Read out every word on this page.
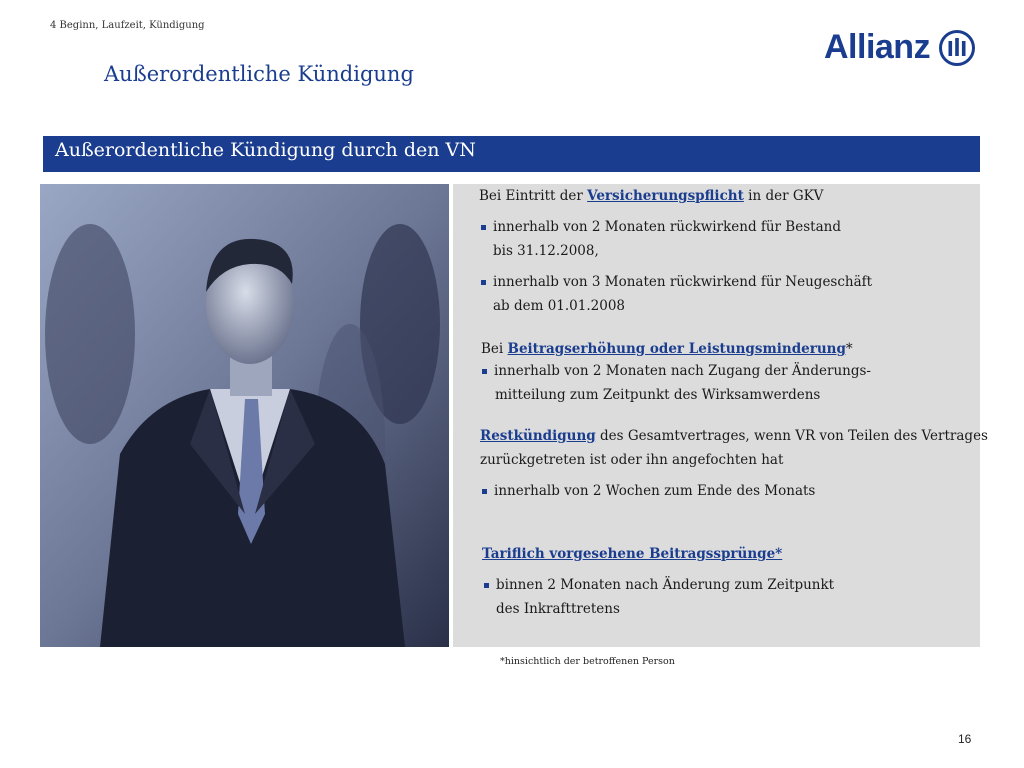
4 Beginn, Laufzeit, Kündigung
Außerordentliche Kündigung
Allianz
Außerordentliche Kündigung durch den VN
Bei Eintritt der Versicherungspflicht in der GKV
innerhalb von 2 Monaten rückwirkend für Bestand
bis 31.12.2008,
innerhalb von 3 Monaten rückwirkend für Neugeschäft
ab dem 01.01.2008
Bei Beitragserhöhung oder Leistungsminderung*
innerhalb von 2 Monaten nach Zugang der Änderungs-
mitteilung zum Zeitpunkt des Wirksamwerdens
Restkündigung des Gesamtvertrages, wenn VR von Teilen des Vertrages
zurückgetreten ist oder ihn angefochten hat
innerhalb von 2 Wochen zum Ende des Monats
Tariflich vorgesehene Beitragssprünge*
binnen 2 Monaten nach Änderung zum Zeitpunkt
des Inkrafttretens
*hinsichtlich der betroffenen Person
16
